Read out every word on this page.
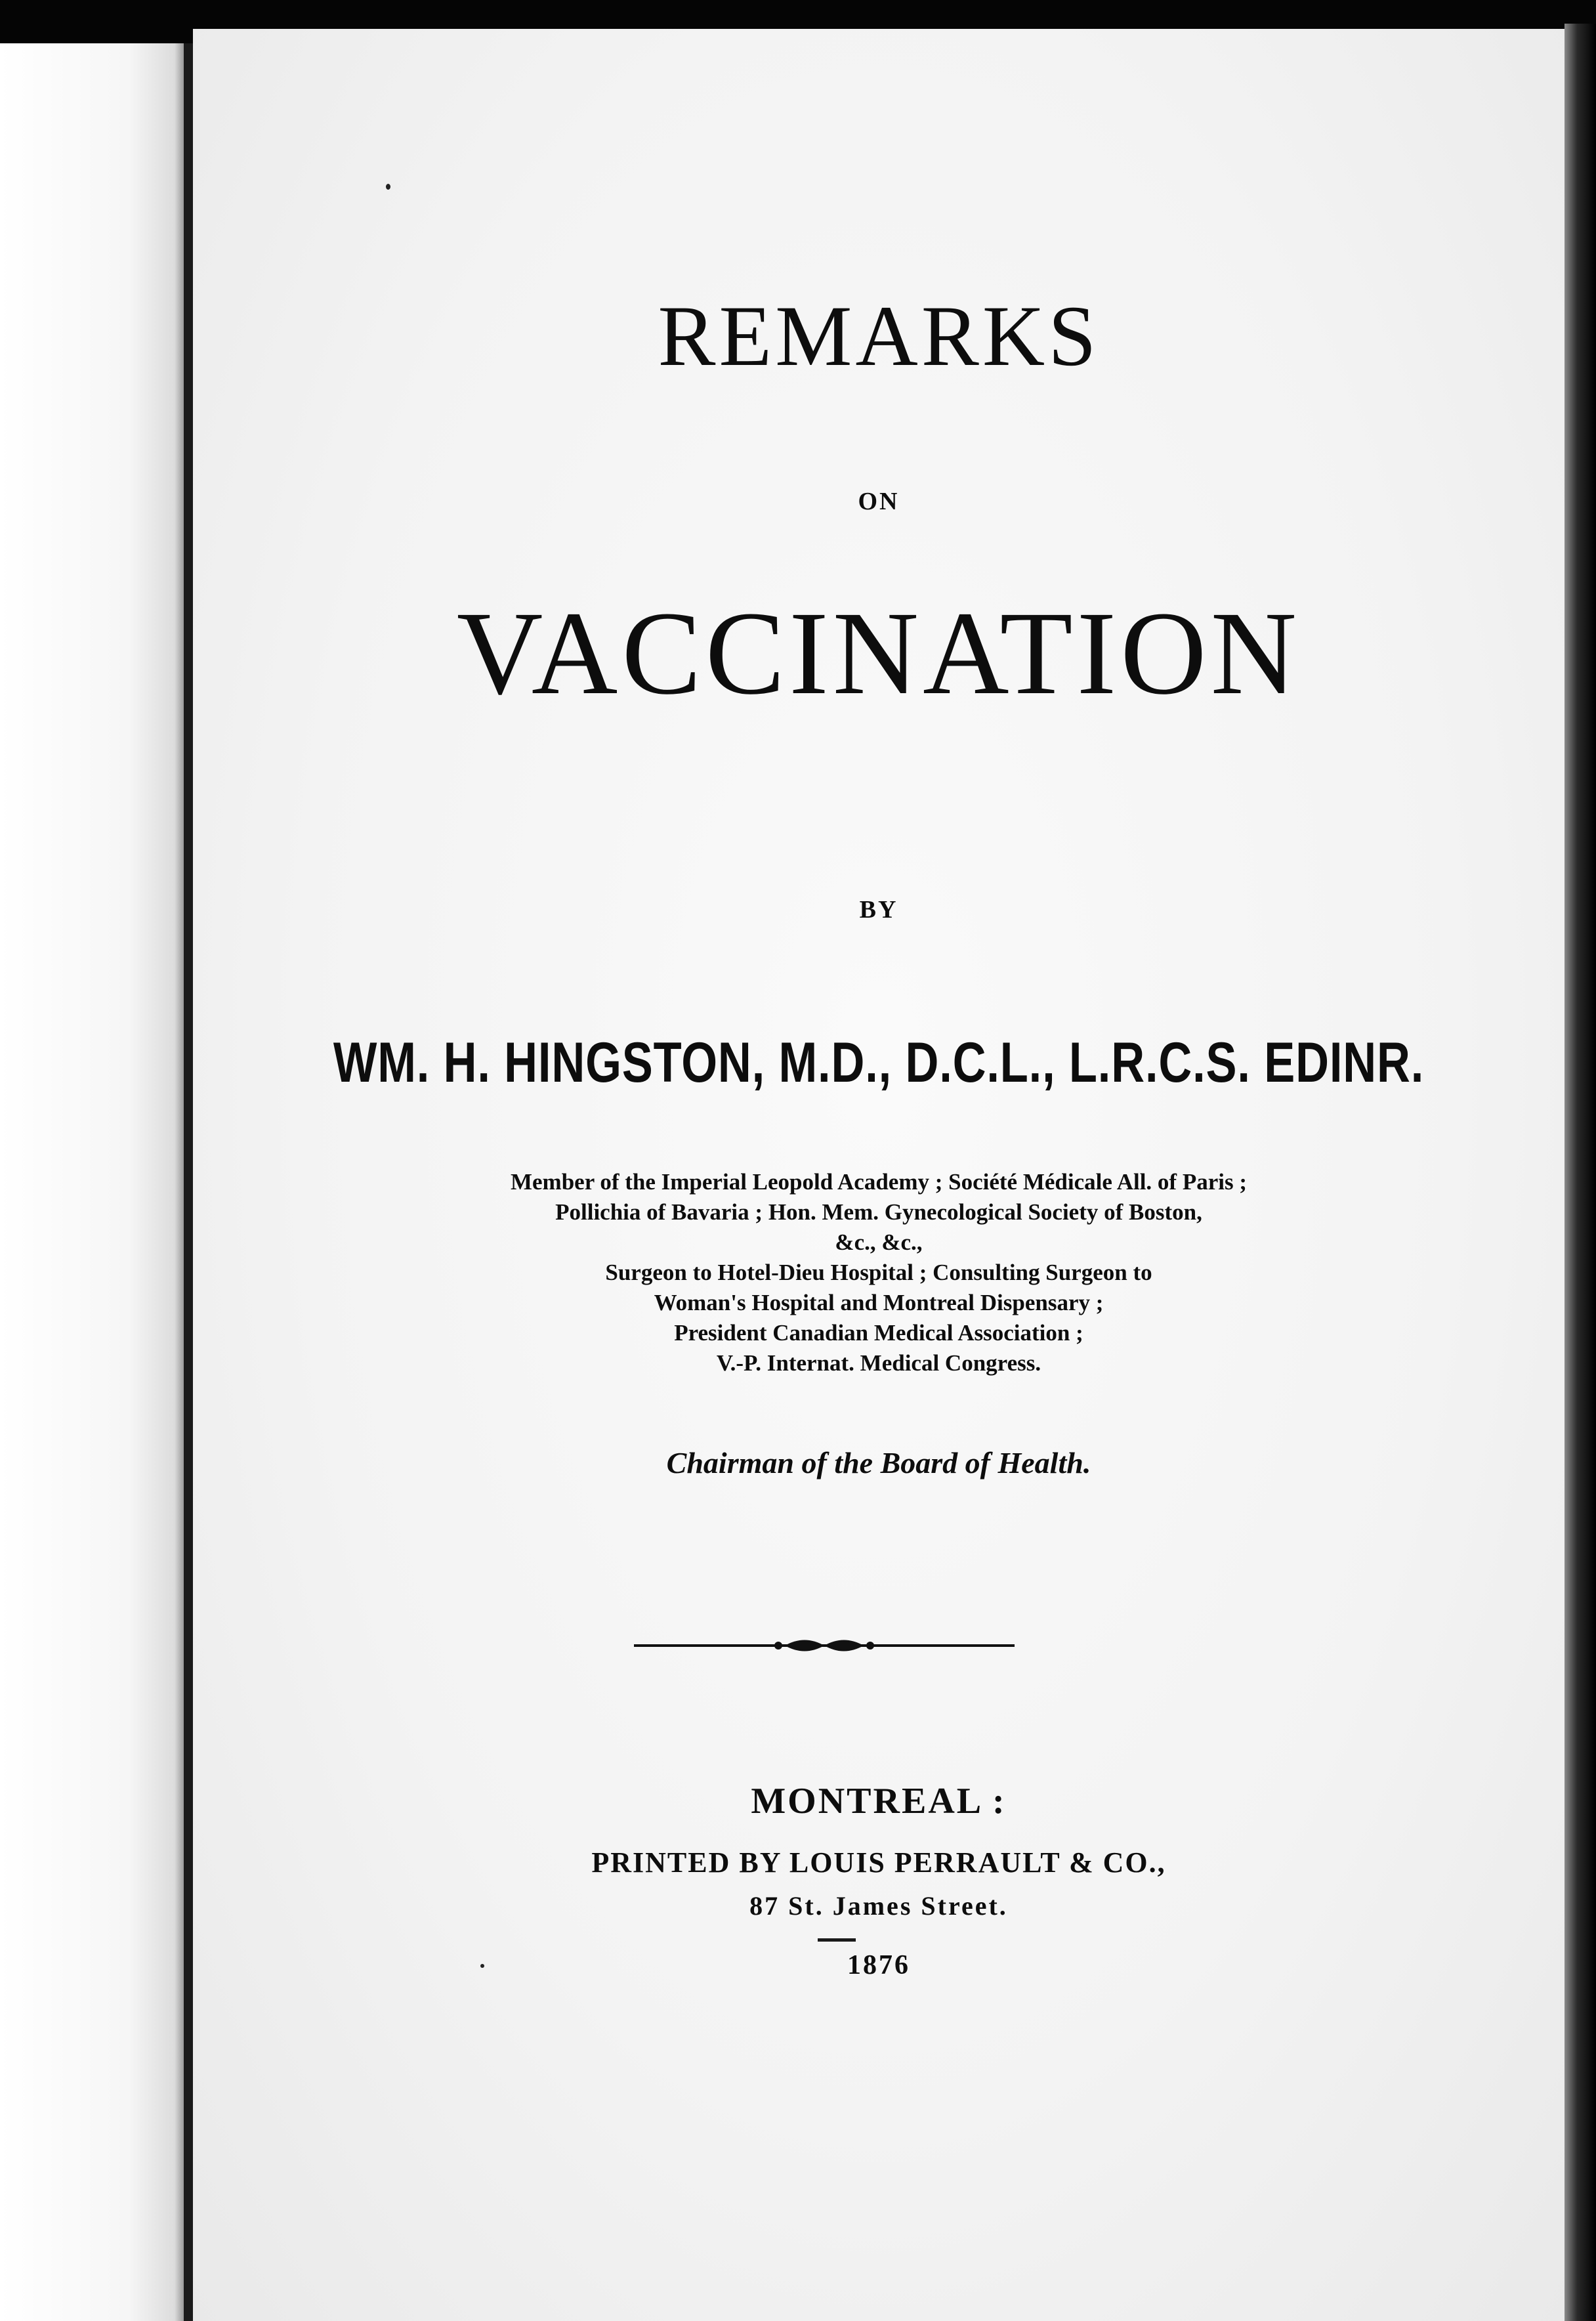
REMARKS
ON
VACCINATION
BY
WM. H. HINGSTON, M.D., D.C.L., L.R.C.S. EDINR.
Member of the Imperial Leopold Academy ; Société Médicale All. of Paris ;
Pollichia of Bavaria ; Hon. Mem. Gynecological Society of Boston,
&c., &c.,
Surgeon to Hotel-Dieu Hospital ; Consulting Surgeon to
Woman's Hospital and Montreal Dispensary ;
President Canadian Medical Association ;
V.-P. Internat. Medical Congress.
Chairman of the Board of Health.
MONTREAL :
PRINTED BY LOUIS PERRAULT & CO.,
87 St. James Street.
1876
